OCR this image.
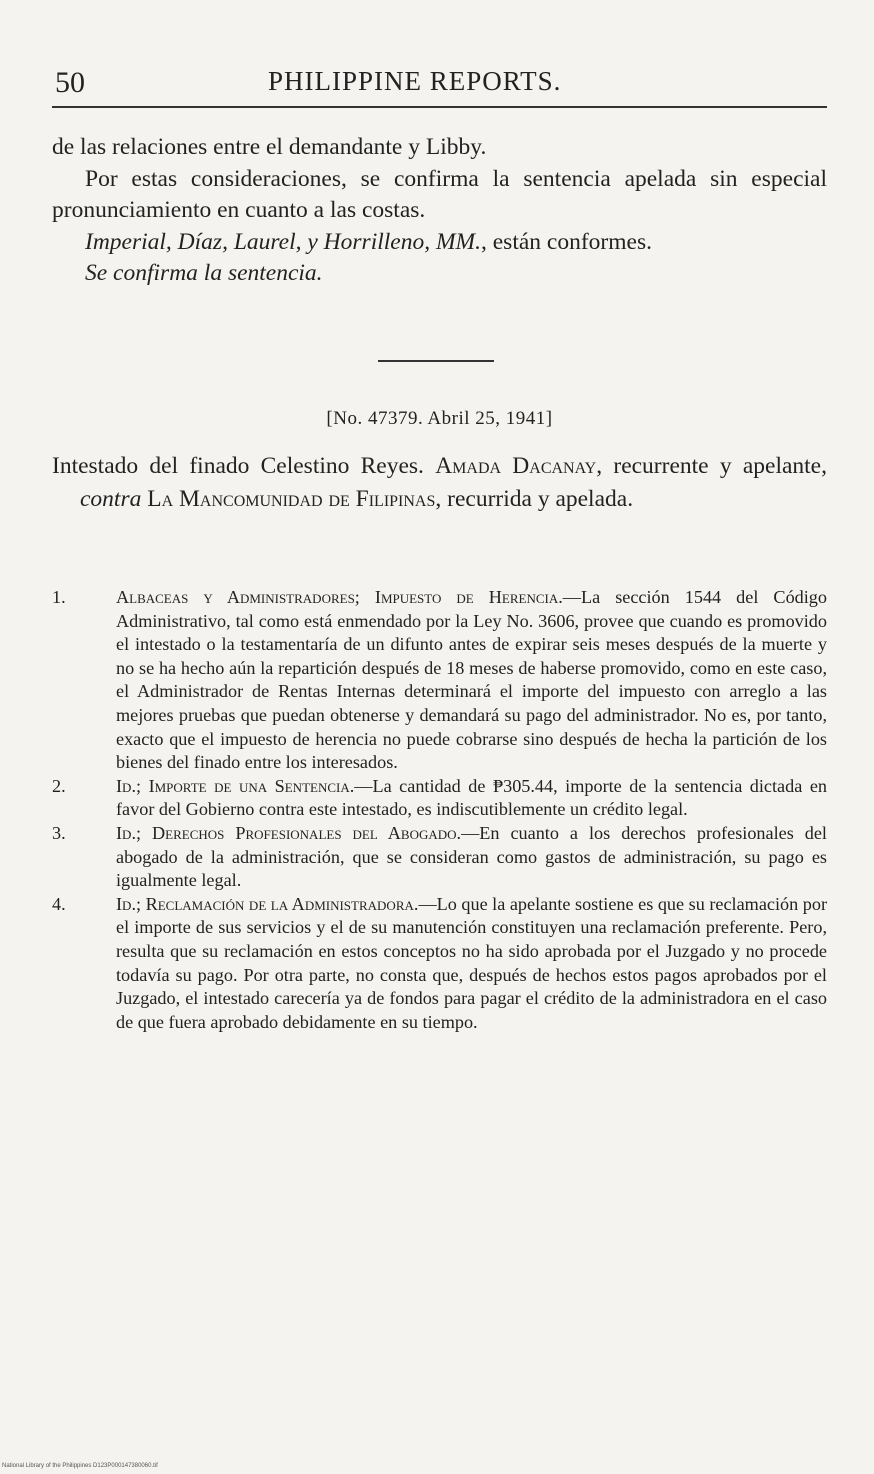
50	PHILIPPINE REPORTS.

de las relaciones entre el demandante y Libby.

Por estas consideraciones, se confirma la sentencia apelada sin especial pronunciamiento en cuanto a las costas.

Imperial, Díaz, Laurel, y Horrilleno, MM., están conformes.

Se confirma la sentencia.

[No. 47379. Abril 25, 1941]

Intestado del finado Celestino Reyes. Amada Dacanay, recurrente y apelante, contra La Mancomunidad de Filipinas, recurrida y apelada.

1.	Albaceas y Administradores; Impuesto de Herencia.—La sección 1544 del Código Administrativo, tal como está enmendado por la Ley No. 3606, provee que cuando es promovido el intestado o la testamentaría de un difunto antes de expirar seis meses después de la muerte y no se ha hecho aún la repartición después de 18 meses de haberse promovido, como en este caso, el Administrador de Rentas Internas determinará el importe del impuesto con arreglo a las mejores pruebas que puedan obtenerse y demandará su pago del administrador. No es, por tanto, exacto que el impuesto de herencia no puede cobrarse sino después de hecha la partición de los bienes del finado entre los interesados.
2.	Id.; Importe de una Sentencia.—La cantidad de ₱305.44, importe de la sentencia dictada en favor del Gobierno contra este intestado, es indiscutiblemente un crédito legal.
3.	Id.; Derechos Profesionales del Abogado.—En cuanto a los derechos profesionales del abogado de la administración, que se consideran como gastos de administración, su pago es igualmente legal.
4.	Id.; Reclamación de la Administradora.—Lo que la apelante sostiene es que su reclamación por el importe de sus servicios y el de su manutención constituyen una reclamación preferente. Pero, resulta que su reclamación en estos conceptos no ha sido aprobada por el Juzgado y no procede todavía su pago. Por otra parte, no consta que, después de hechos estos pagos aprobados por el Juzgado, el intestado carecería ya de fondos para pagar el crédito de la administradora en el caso de que fuera aprobado debidamente en su tiempo.
National Library of the Philippines D123P000147380060.tif
